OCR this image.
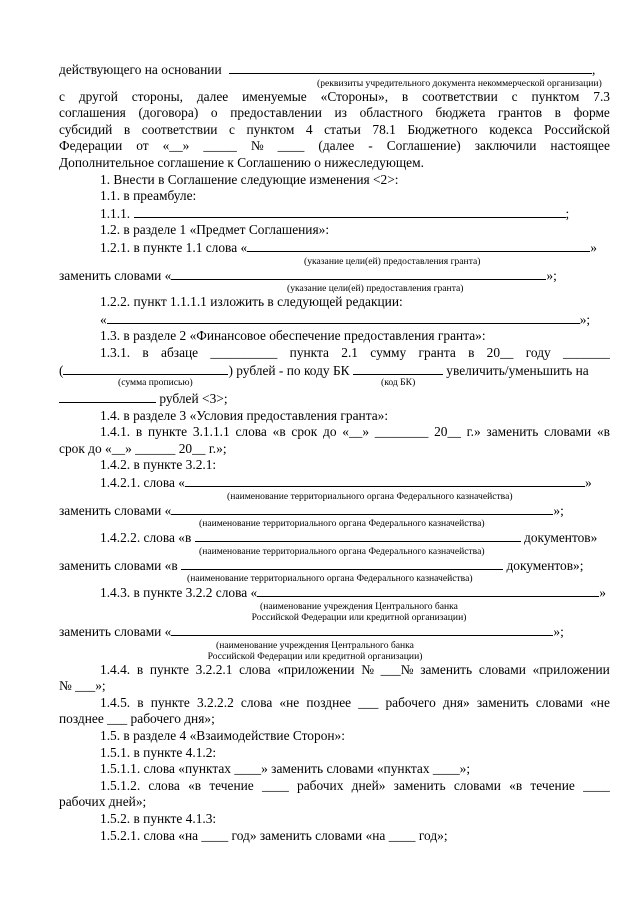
действующего на основании	,
(реквизиты учредительного документа некоммерческой организации)
с другой стороны, далее именуемые «Стороны», в соответствии с пунктом 7.3
соглашения (договора) о предоставлении из областного бюджета грантов в форме
субсидий в соответствии с пунктом 4 статьи 78.1 Бюджетного кодекса Российской
Федерации от «__» _____ № ____ (далее - Соглашение) заключили настоящее
Дополнительное соглашение к Соглашению о нижеследующем.
1. Внести в Соглашение следующие изменения <2>:
1.1. в преамбуле:
1.1.1.	;
1.2. в разделе 1 «Предмет Соглашения»:
1.2.1. в пункте 1.1 слова «	»
(указание цели(ей) предоставления гранта)
заменить словами «	»;
(указание цели(ей) предоставления гранта)
1.2.2. пункт 1.1.1.1 изложить в следующей редакции:
«	»;
1.3. в разделе 2 «Финансовое обеспечение предоставления гранта»:
1.3.1. в абзаце __________ пункта 2.1 сумму гранта в 20__ году _______
(	) рублей - по коду БК	увеличить/уменьшить на
(сумма прописью)	(код БК)
рублей <3>;
1.4. в разделе 3 «Условия предоставления гранта»:
1.4.1. в пункте 3.1.1.1 слова «в срок до «__» ________ 20__ г.» заменить словами «в
срок до «__» ______ 20__ г.»;
1.4.2. в пункте 3.2.1:
1.4.2.1. слова «	»
(наименование территориального органа Федерального казначейства)
заменить словами «	»;
(наименование территориального органа Федерального казначейства)
1.4.2.2. слова «в	документов»
(наименование территориального органа Федерального казначейства)
заменить словами «в	документов»;
(наименование территориального органа Федерального казначейства)
1.4.3. в пункте 3.2.2 слова «	»
(наименование учреждения Центрального банка Российской Федерации или кредитной организации)
заменить словами «	»;
(наименование учреждения Центрального банка Российской Федерации или кредитной организации)
1.4.4. в пункте 3.2.2.1 слова «приложении № ___№ заменить словами «приложении
№ ___»;
1.4.5. в пункте 3.2.2.2 слова «не позднее ___ рабочего дня» заменить словами «не
позднее ___ рабочего дня»;
1.5. в разделе 4 «Взаимодействие Сторон»:
1.5.1. в пункте 4.1.2:
1.5.1.1. слова «пунктах ____» заменить словами «пунктах ____»;
1.5.1.2. слова «в течение ____ рабочих дней» заменить словами «в течение ____
рабочих дней»;
1.5.2. в пункте 4.1.3:
1.5.2.1. слова «на ____ год» заменить словами «на ____ год»;
